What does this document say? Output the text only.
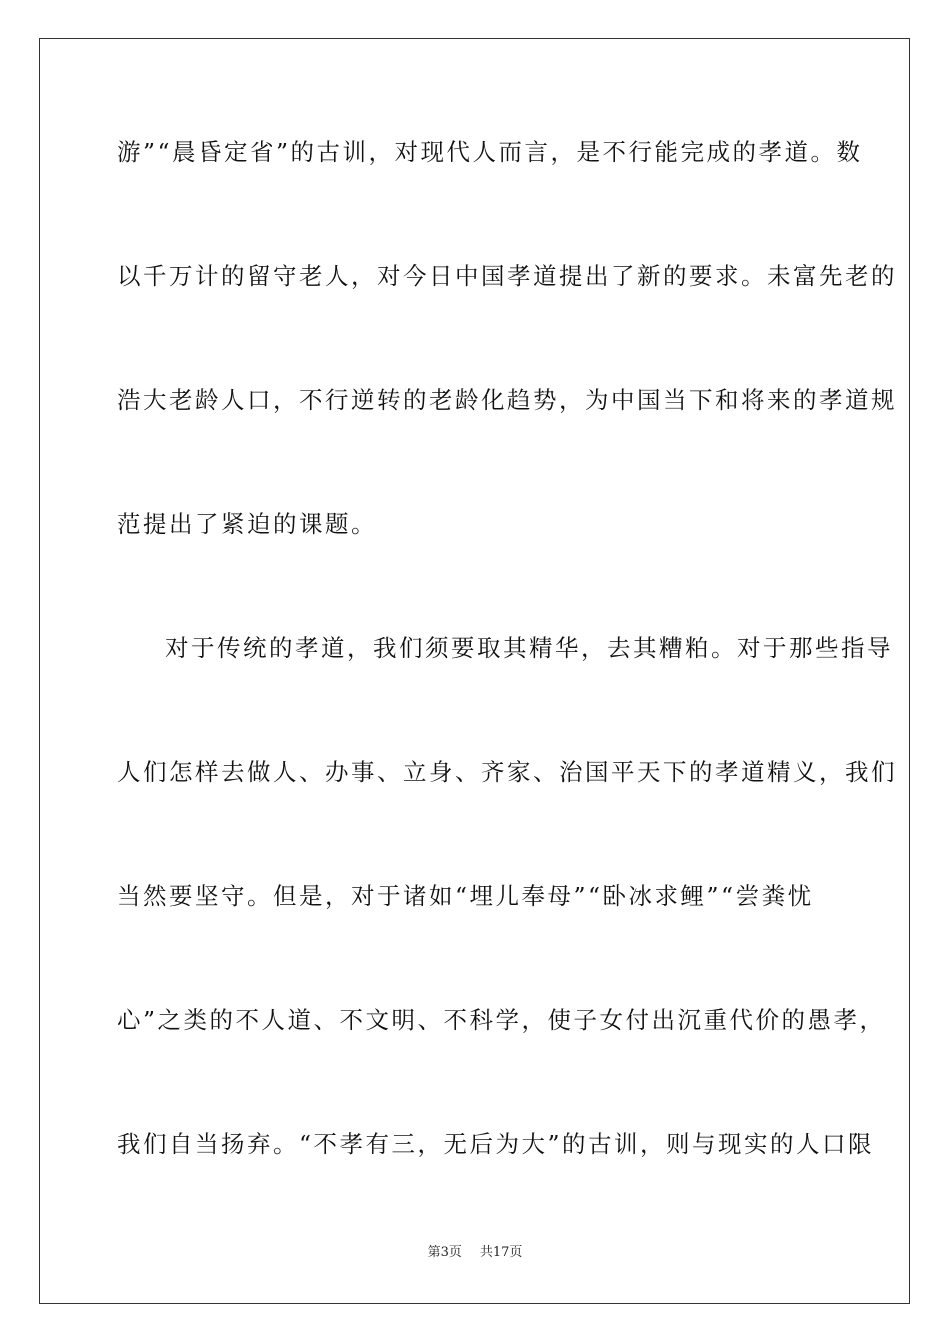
游”“晨昏定省”的古训，对现代人而言，是不行能完成的孝道。数
以千万计的留守老人，对今日中国孝道提出了新的要求。未富先老的
浩大老龄人口，不行逆转的老龄化趋势，为中国当下和将来的孝道规
范提出了紧迫的课题。
对于传统的孝道，我们须要取其精华，去其糟粕。对于那些指导
人们怎样去做人、办事、立身、齐家、治国平天下的孝道精义，我们
当然要坚守。但是，对于诸如“埋儿奉母”“卧冰求鲤”“尝粪忧
心”之类的不人道、不文明、不科学，使子女付出沉重代价的愚孝，
我们自当扬弃。“不孝有三，无后为大”的古训，则与现实的人口限
第3页 共17页
